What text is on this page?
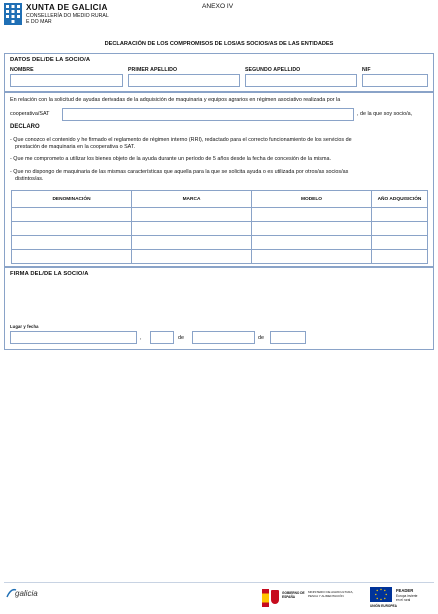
XUNTA DE GALICIA
CONSELLERÍA DO MEDIO RURAL
E DO MAR
ANEXO IV
DECLARACIÓN DE LOS COMPROMISOS DE LOS/AS SOCIOS/AS DE LAS ENTIDADES
DATOS DEL/DE LA SOCIO/A
NOMBRE	PRIMER APELLIDO	SEGUNDO APELLIDO	NIF
En relación con la solicitud de ayudas derivadas de la adquisición de maquinaria y equipos agrarios en régimen asociativo realizada por la
cooperativa/SAT	, de la que soy socio/a,
DECLARO
- Que conozco el contenido y he firmado el reglamento de régimen interno (RRI), redactado para el correcto funcionamiento de los servicios de
prestación de maquinaria en la cooperativa o SAT.
- Que me comprometo a utilizar los bienes objeto de la ayuda durante un período de 5 años desde la fecha de concesión de la misma.
- Que no dispongo de maquinaria de las mismas características que aquella para la que se solicita ayuda o es utilizada por otros/as socios/as
distintos/as.
DENOMINACIÓN	MARCA	MODELO	AÑO ADQUISICIÓN

FIRMA DEL/DE LA SOCIO/A
Lugar y fecha
,	de	de
galicia	GOBIERNO DE ESPAÑA
MINISTERIO DE AGRICULTURA, PESCA Y ALIMENTACIÓN
UNIÓN EUROPEA
FEADER
Europa invierte
en el rural
